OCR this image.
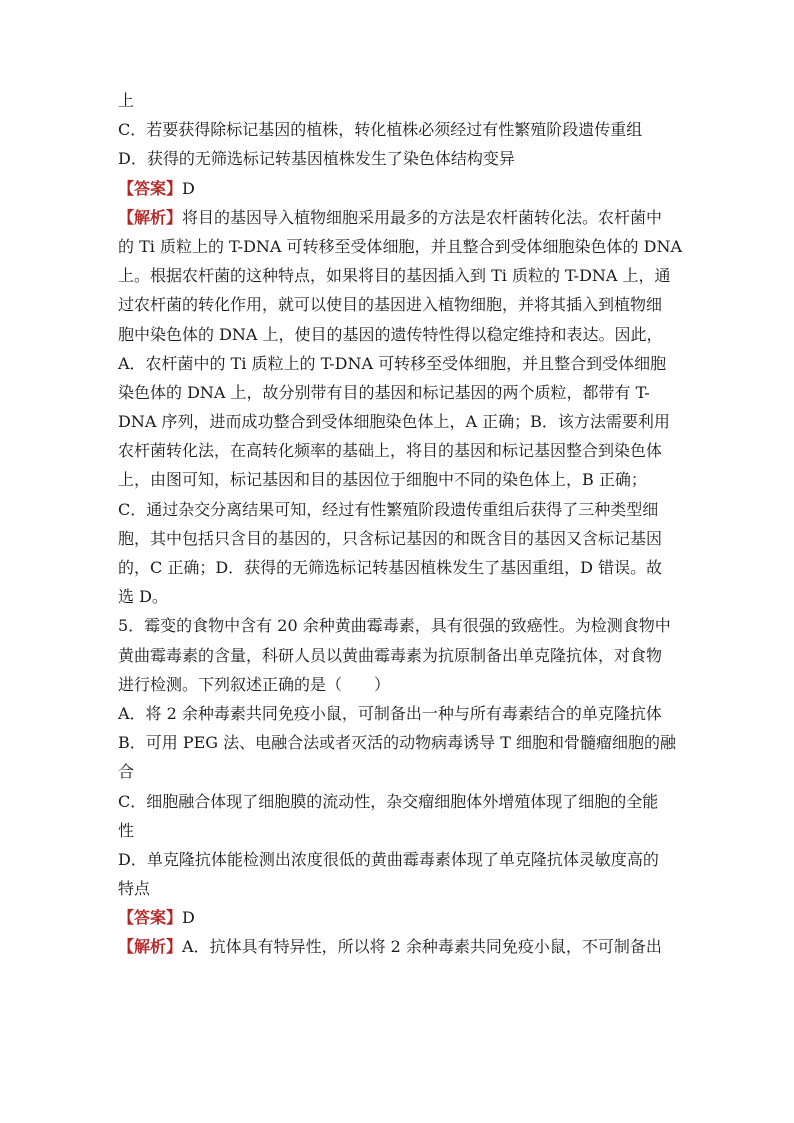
上
C．若要获得除标记基因的植株，转化植株必须经过有性繁殖阶段遗传重组
D．获得的无筛选标记转基因植株发生了染色体结构变异
【答案】D
【解析】将目的基因导入植物细胞采用最多的方法是农杆菌转化法。农杆菌中
的 Ti 质粒上的 T-DNA 可转移至受体细胞，并且整合到受体细胞染色体的 DNA
上。根据农杆菌的这种特点，如果将目的基因插入到 Ti 质粒的 T-DNA 上，通
过农杆菌的转化作用，就可以使目的基因进入植物细胞，并将其插入到植物细
胞中染色体的 DNA 上，使目的基因的遗传特性得以稳定维持和表达。因此，
A．农杆菌中的 Ti 质粒上的 T-DNA 可转移至受体细胞，并且整合到受体细胞
染色体的 DNA 上，故分别带有目的基因和标记基因的两个质粒，都带有 T-
DNA 序列，进而成功整合到受体细胞染色体上，A 正确；B．该方法需要利用
农杆菌转化法，在高转化频率的基础上，将目的基因和标记基因整合到染色体
上，由图可知，标记基因和目的基因位于细胞中不同的染色体上，B 正确；
C．通过杂交分离结果可知，经过有性繁殖阶段遗传重组后获得了三种类型细
胞，其中包括只含目的基因的，只含标记基因的和既含目的基因又含标记基因
的，C 正确；D．获得的无筛选标记转基因植株发生了基因重组，D 错误。故
选 D。
5．霉变的食物中含有 20 余种黄曲霉毒素，具有很强的致癌性。为检测食物中
黄曲霉毒素的含量，科研人员以黄曲霉毒素为抗原制备出单克隆抗体，对食物
进行检测。下列叙述正确的是（　　）
A．将 2 余种毒素共同免疫小鼠，可制备出一种与所有毒素结合的单克隆抗体
B．可用 PEG 法、电融合法或者灭活的动物病毒诱导 T 细胞和骨髓瘤细胞的融
合
C．细胞融合体现了细胞膜的流动性，杂交瘤细胞体外增殖体现了细胞的全能
性
D．单克隆抗体能检测出浓度很低的黄曲霉毒素体现了单克隆抗体灵敏度高的
特点
【答案】D
【解析】A．抗体具有特异性，所以将 2 余种毒素共同免疫小鼠，不可制备出
